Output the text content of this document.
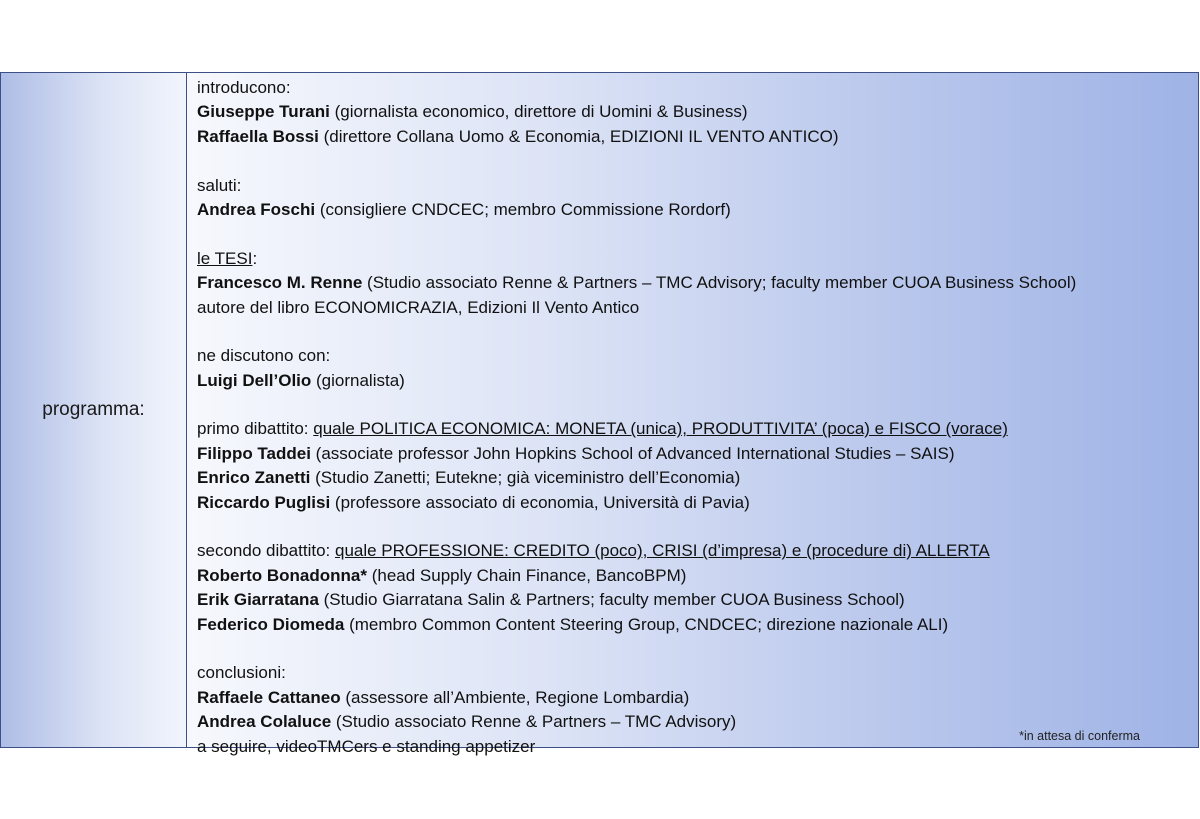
programma:
introducono:
Giuseppe Turani (giornalista economico, direttore di Uomini & Business)
Raffaella Bossi (direttore Collana Uomo & Economia, EDIZIONI IL VENTO ANTICO)
saluti:
Andrea Foschi (consigliere CNDCEC; membro Commissione Rordorf)
le TESI:
Francesco M. Renne (Studio associato Renne & Partners – TMC Advisory; faculty member CUOA Business School)
autore del libro ECONOMICRAZIA, Edizioni Il Vento Antico
ne discutono con:
Luigi Dell’Olio (giornalista)
primo dibattito: quale POLITICA ECONOMICA: MONETA (unica), PRODUTTIVITA’ (poca) e FISCO (vorace)
Filippo Taddei (associate professor John Hopkins School of Advanced International Studies – SAIS)
Enrico Zanetti (Studio Zanetti; Eutekne; già viceministro dell’Economia)
Riccardo Puglisi (professore associato di economia, Università di Pavia)
secondo dibattito: quale PROFESSIONE: CREDITO (poco), CRISI (d’impresa) e (procedure di) ALLERTA
Roberto Bonadonna* (head Supply Chain Finance, BancoBPM)
Erik Giarratana (Studio Giarratana Salin & Partners; faculty member CUOA Business School)
Federico Diomeda (membro Common Content Steering Group, CNDCEC; direzione nazionale ALI)
conclusioni:
Raffaele Cattaneo (assessore all’Ambiente, Regione Lombardia)
Andrea Colaluce (Studio associato Renne & Partners – TMC Advisory)
a seguire, videoTMCers e standing appetizer
*in attesa di conferma
